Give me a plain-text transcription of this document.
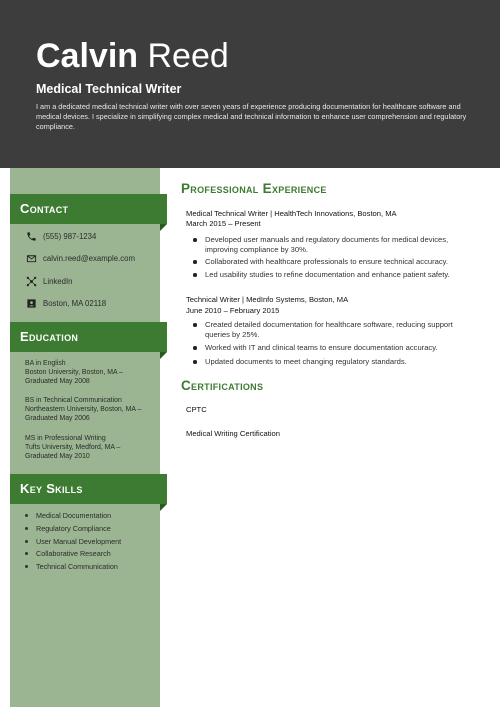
Calvin Reed
Medical Technical Writer
I am a dedicated medical technical writer with over seven years of experience producing documentation for healthcare software and medical devices. I specialize in simplifying complex medical and technical information to enhance user comprehension and regulatory compliance.
Contact
(555) 987-1234
calvin.reed@example.com
LinkedIn
Boston, MA 02118
Education
BA in English
Boston University, Boston, MA –
Graduated May 2008
BS in Technical Communication
Northeastern University, Boston, MA –
Graduated May 2006
MS in Professional Writing
Tufts University, Medford, MA –
Graduated May 2010
Key Skills
Medical Documentation
Regulatory Compliance
User Manual Development
Collaborative Research
Technical Communication
Professional Experience
Medical Technical Writer | HealthTech Innovations, Boston, MA
March 2015 – Present
Developed user manuals and regulatory documents for medical devices, improving compliance by 30%.
Collaborated with healthcare professionals to ensure technical accuracy.
Led usability studies to refine documentation and enhance patient safety.
Technical Writer | MedInfo Systems, Boston, MA
June 2010 – February 2015
Created detailed documentation for healthcare software, reducing support queries by 25%.
Worked with IT and clinical teams to ensure documentation accuracy.
Updated documents to meet changing regulatory standards.
Certifications
CPTC
Medical Writing Certification
